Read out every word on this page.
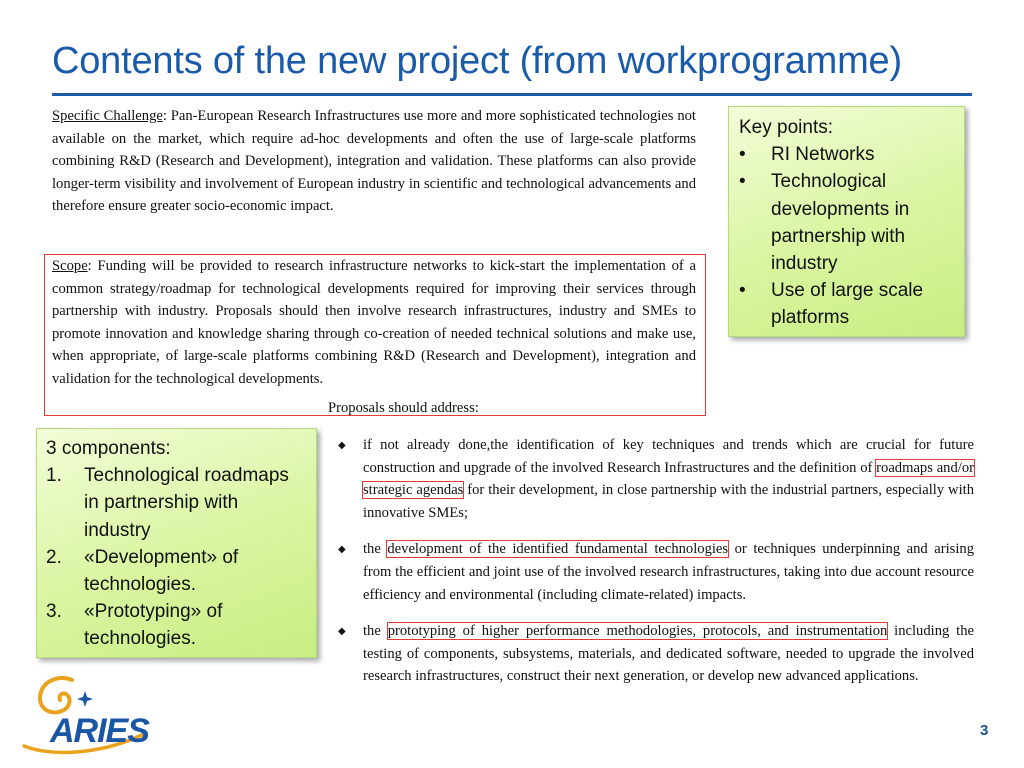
Contents of the new project (from workprogramme)
Specific Challenge: Pan-European Research Infrastructures use more and more sophisticated technologies not available on the market, which require ad-hoc developments and often the use of large-scale platforms combining R&D (Research and Development), integration and validation. These platforms can also provide longer-term visibility and involvement of European industry in scientific and technological advancements and therefore ensure greater socio-economic impact.
Scope: Funding will be provided to research infrastructure networks to kick-start the implementation of a common strategy/roadmap for technological developments required for improving their services through partnership with industry. Proposals should then involve research infrastructures, industry and SMEs to promote innovation and knowledge sharing through co-creation of needed technical solutions and make use, when appropriate, of large-scale platforms combining R&D (Research and Development), integration and validation for the technological developments.
Proposals should address:
Key points:
•	RI Networks
•	Technological developments in partnership with industry
•	Use of large scale platforms
3 components:
1.	Technological roadmaps in partnership with industry
2.	«Development» of technologies.
3.	«Prototyping» of technologies.
◆	if not already done,the identification of key techniques and trends which are crucial for future construction and upgrade of the involved Research Infrastructures and the definition of roadmaps and/or strategic agendas for their development, in close partnership with the industrial partners, especially with innovative SMEs;
◆	the development of the identified fundamental technologies or techniques underpinning and arising from the efficient and joint use of the involved research infrastructures, taking into due account resource efficiency and environmental (including climate-related) impacts.
◆	the prototyping of higher performance methodologies, protocols, and instrumentation including the testing of components, subsystems, materials, and dedicated software, needed to upgrade the involved research infrastructures, construct their next generation, or develop new advanced applications.
ARIES	3
